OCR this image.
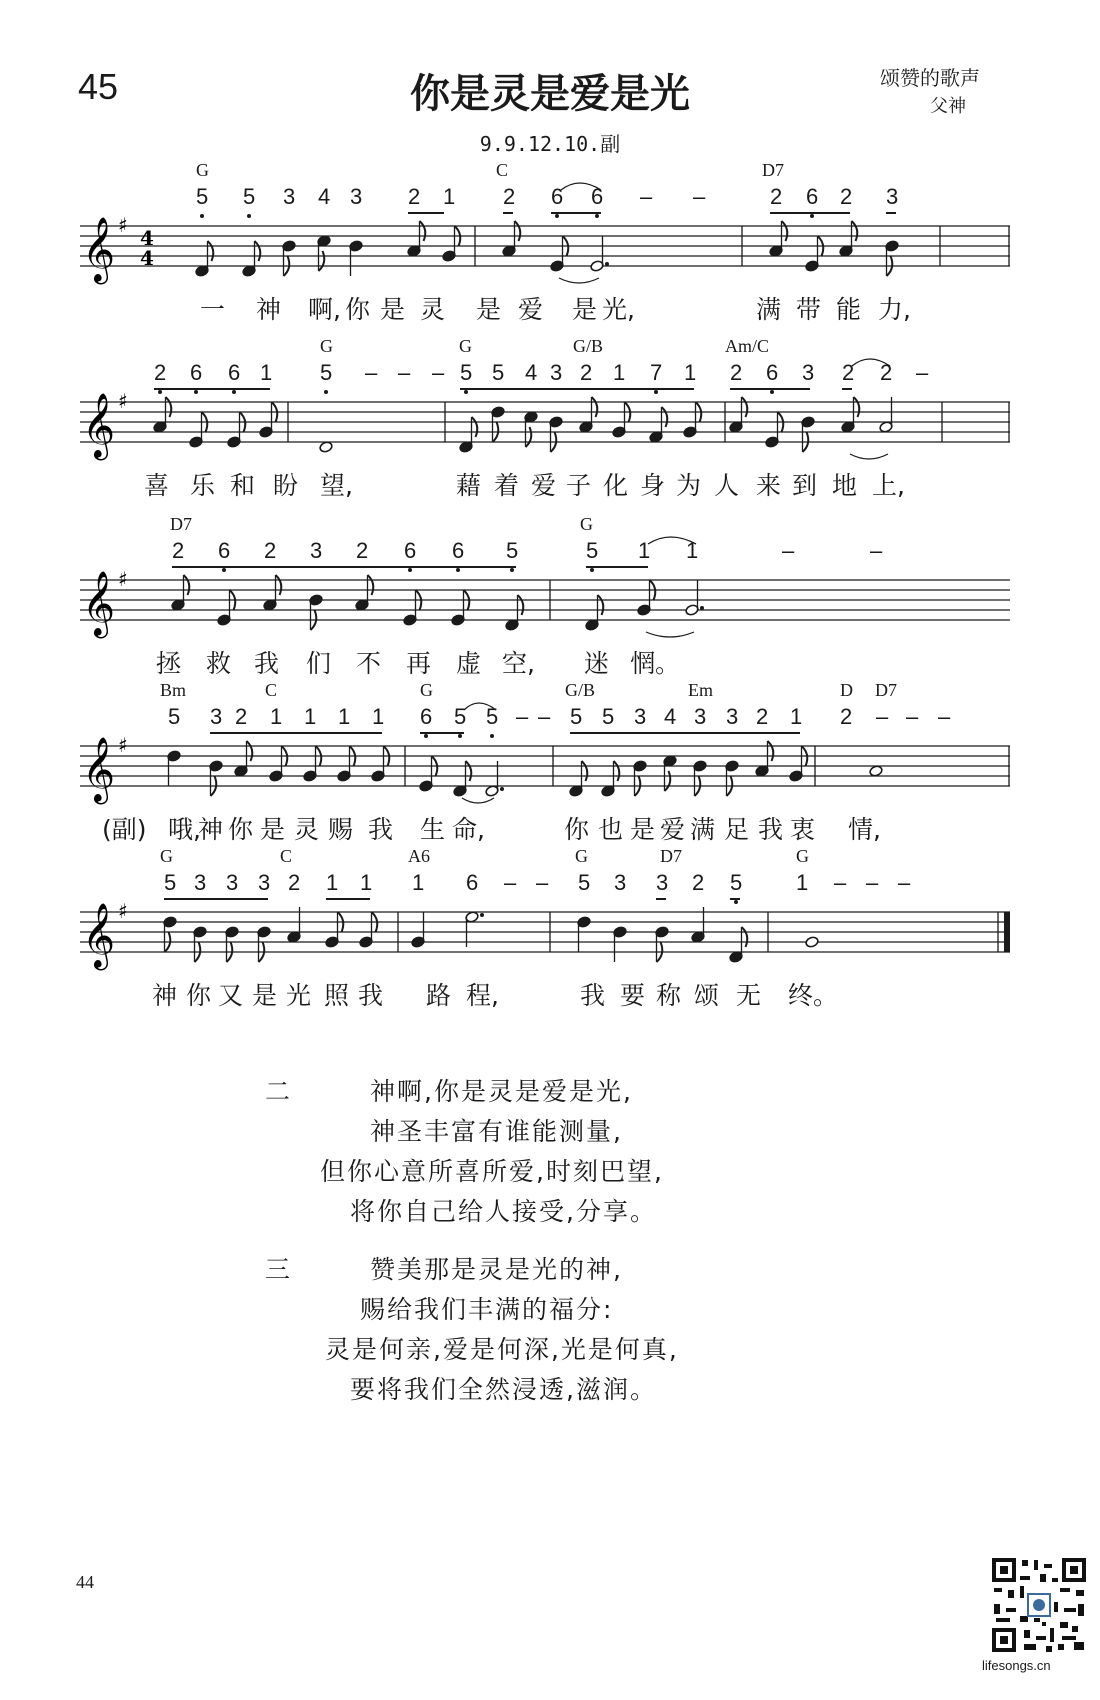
45	你是灵是爱是光
9.9.12.10.副
颂赞的歌声
父神
G	C	D7
5 5 3 4 3 2 1 2 6 6 – –	2 6 2 3
一 神 啊, 你 是 灵 是 爱 是 光,	满 带 能 力,
𝄞 ♯
4
4
G	G	G/B	Am/C
2 6 6 1 5 – – – 5 5 4 3 2 1 7 1 2 6 3 2 2 –
喜 乐 和 盼 望,	藉 着 爱 子 化 身 为 人 来 到 地 上,
𝄞 ♯
D7	G
2 6 2 3 2 6 6 5	5 1 1	–	–
拯 救 我 们 不 再 虚 空, 迷 惘。
𝄞 ♯
Bm	C	G	G/B	Em	D D7
5 3 2 1 1 1 1 6 5 5 – – 5 5 3 4 3 3 2 1 2 – – –
(副) 哦,
神 你 是 灵 赐 我 生 命,	你 也 是 爱 满 足 我 衷 情,
𝄞 ♯
G	C	A6	G	D7	G
5 3 3 3 2 1 1 1 6 – – 5 3 3 2 5 1 – – –
神 你 又 是 光 照 我 路 程,	我 要 称 颂 无 终。
𝄞 ♯
二	神啊,你是灵是爱是光,
神圣丰富有谁能测量,
但你心意所喜所爱,时刻巴望,
将你自己给人接受,分享。
三	赞美那是灵是光的神,
赐给我们丰满的福分:
灵是何亲,爱是何深,光是何真,
要将我们全然浸透,滋润。
44
lifesongs.cn
